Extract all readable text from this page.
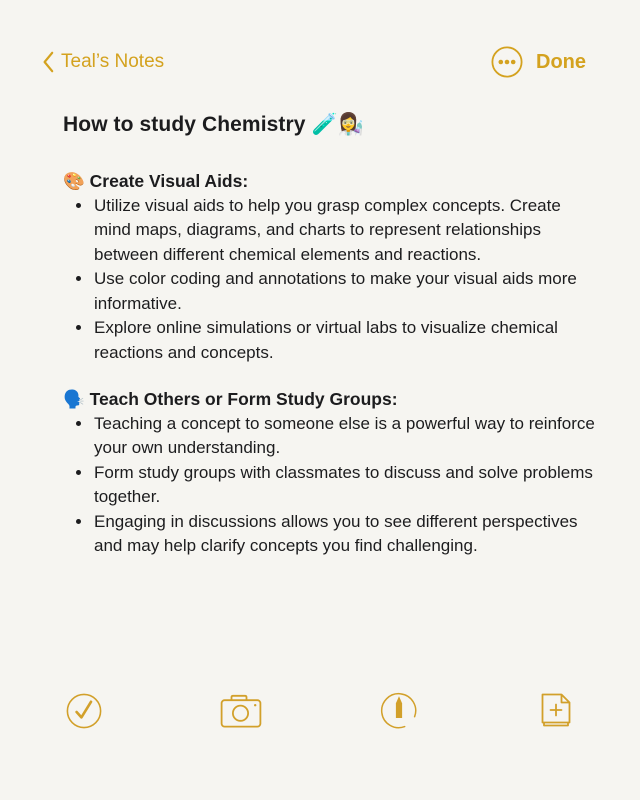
Teal’s Notes	Done
How to study Chemistry 🧪👩‍🔬

🎨 Create Visual Aids:

• Utilize visual aids to help you grasp complex concepts. Create mind maps, diagrams, and charts to represent relationships between different chemical elements and reactions.
• Use color coding and annotations to make your visual aids more informative.
• Explore online simulations or virtual labs to visualize chemical reactions and concepts.

🗣️ Teach Others or Form Study Groups:

• Teaching a concept to someone else is a powerful way to reinforce your own understanding.
• Form study groups with classmates to discuss and solve problems together.
• Engaging in discussions allows you to see different perspectives and may help clarify concepts you find challenging.
